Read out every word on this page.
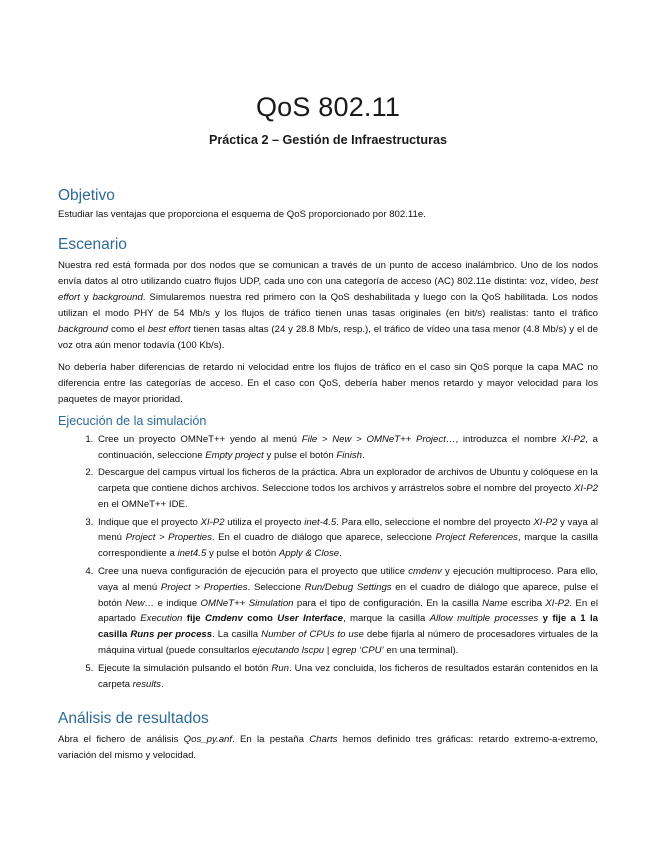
QoS 802.11
Práctica 2 – Gestión de Infraestructuras
Objetivo

Estudiar las ventajas que proporciona el esquema de QoS proporcionado por 802.11e.

Escenario

Nuestra red está formada por dos nodos que se comunican a través de un punto de acceso inalámbrico. Uno de los nodos envía datos al otro utilizando cuatro flujos UDP, cada uno con una categoría de acceso (AC) 802.11e distinta: voz, vídeo, best effort y background. Simularemos nuestra red primero con la QoS deshabilitada y luego con la QoS habilitada. Los nodos utilizan el modo PHY de 54 Mb/s y los flujos de tráfico tienen unas tasas originales (en bit/s) realistas: tanto el tráfico background como el best effort tienen tasas altas (24 y 28.8 Mb/s, resp.), el tráfico de vídeo una tasa menor (4.8 Mb/s) y el de voz otra aún menor todavía (100 Kb/s).

No debería haber diferencias de retardo ni velocidad entre los flujos de tráfico en el caso sin QoS porque la capa MAC no diferencia entre las categorías de acceso. En el caso con QoS, debería haber menos retardo y mayor velocidad para los paquetes de mayor prioridad.

Ejecución de la simulación
1. Cree un proyecto OMNeT++ yendo al menú File > New > OMNeT++ Project…, introduzca el nombre XI-P2, a continuación, seleccione Empty project y pulse el botón Finish.
2. Descargue del campus virtual los ficheros de la práctica. Abra un explorador de archivos de Ubuntu y colóquese en la carpeta que contiene dichos archivos. Seleccione todos los archivos y arrástrelos sobre el nombre del proyecto XI-P2 en el OMNeT++ IDE.
3. Indique que el proyecto XI-P2 utiliza el proyecto inet-4.5. Para ello, seleccione el nombre del proyecto XI-P2 y vaya al menú Project > Properties. En el cuadro de diálogo que aparece, seleccione Project References, marque la casilla correspondiente a inet4.5 y pulse el botón Apply & Close.
4. Cree una nueva configuración de ejecución para el proyecto que utilice cmdenv y ejecución multiproceso. Para ello, vaya al menú Project > Properties. Seleccione Run/Debug Settings en el cuadro de diálogo que aparece, pulse el botón New… e indique OMNeT++ Simulation para el tipo de configuración. En la casilla Name escriba XI-P2. En el apartado Execution fije Cmdenv como User Interface, marque la casilla Allow multiple processes y fije a 1 la casilla Runs per process. La casilla Number of CPUs to use debe fijarla al número de procesadores virtuales de la máquina virtual (puede consultarlos ejecutando lscpu | egrep ‘CPU’ en una terminal).
5. Ejecute la simulación pulsando el botón Run. Una vez concluida, los ficheros de resultados estarán contenidos en la carpeta results.
Análisis de resultados

Abra el fichero de análisis Qos_py.anf. En la pestaña Charts hemos definido tres gráficas: retardo extremo-a-extremo, variación del mismo y velocidad.
